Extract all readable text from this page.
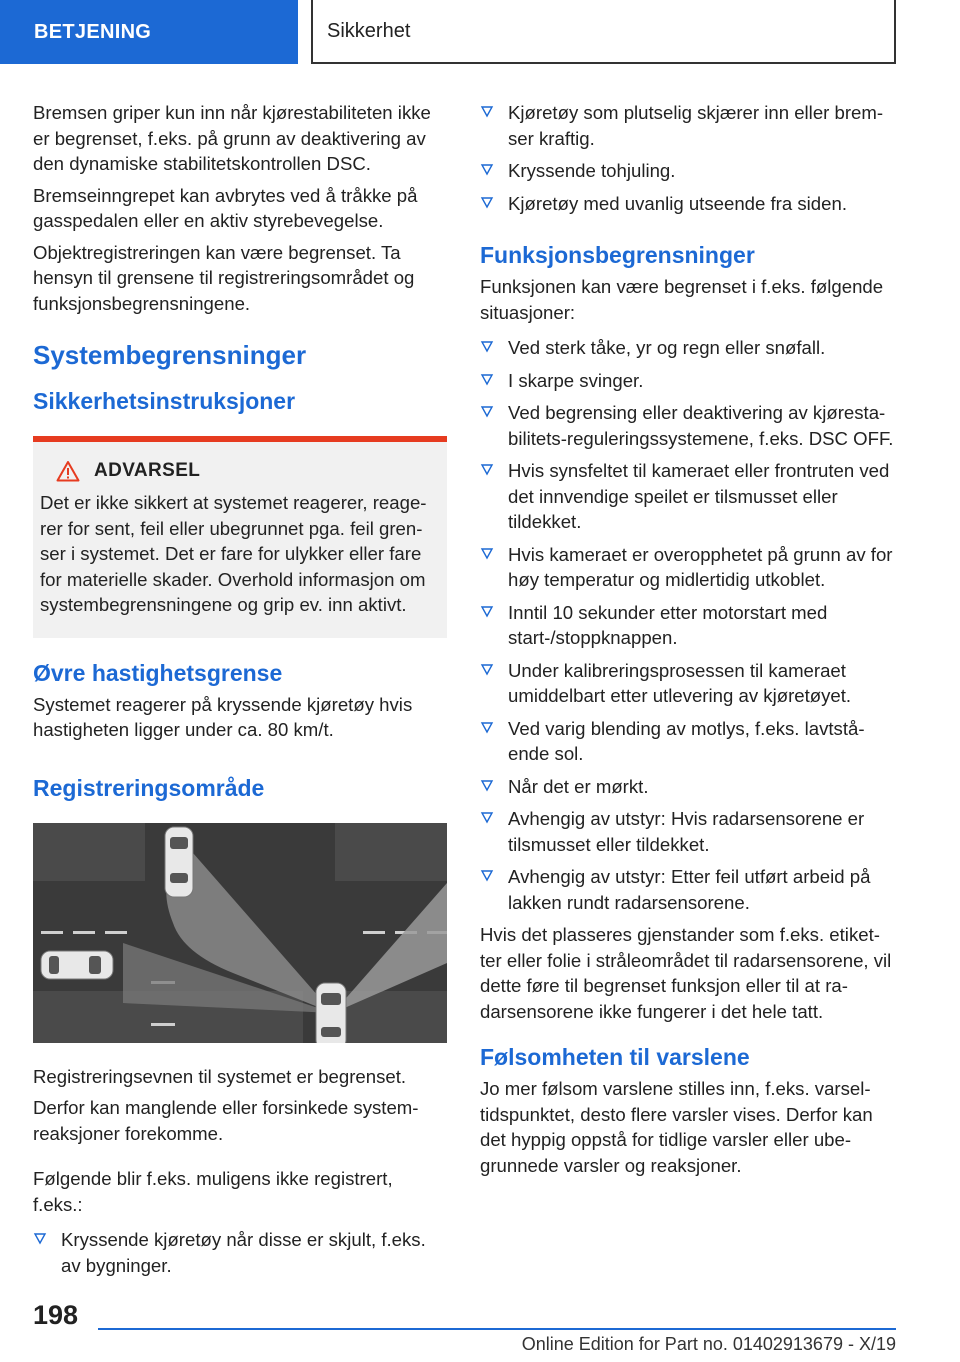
BETJENING	Sikkerhet

Bremsen griper kun inn når kjørestabiliteten ikke er begrenset, f.eks. på grunn av deaktivering av den dynamiske stabilitetskontrollen DSC.

Bremseinngrepet kan avbrytes ved å tråkke på gasspedalen eller en aktiv styrebevegelse.

Objektregistreringen kan være begrenset. Ta hensyn til grensene til registreringsområdet og funksjonsbegrensningene.

Systembegrensninger
Sikkerhetsinstruksjoner
ADVARSEL

Det er ikke sikkert at systemet reagerer, reage-rer for sent, feil eller ubegrunnet pga. feil gren-ser i systemet. Det er fare for ulykker eller fare for materielle skader. Overhold informasjon om systembegrensningene og grip ev. inn aktivt.

Øvre hastighetsgrense

Systemet reagerer på kryssende kjøretøy hvis hastigheten ligger under ca. 80 km/t.

Registreringsområde

Registreringsevnen til systemet er begrenset.

Derfor kan manglende eller forsinkede system-reaksjoner forekomme.

Følgende blir f.eks. muligens ikke registrert, f.eks.:

Kryssende kjøretøy når disse er skjult, f.eks. av bygninger.
Kjøretøy som plutselig skjærer inn eller brem-ser kraftig.
Kryssende tohjuling.
Kjøretøy med uvanlig utseende fra siden.
Funksjonsbegrensninger

Funksjonen kan være begrenset i f.eks. følgende situasjoner:

Ved sterk tåke, yr og regn eller snøfall.
I skarpe svinger.
Ved begrensing eller deaktivering av kjøresta-bilitets-reguleringssystemene, f.eks. DSC OFF.
Hvis synsfeltet til kameraet eller frontruten ved det innvendige speilet er tilsmusset eller tildekket.
Hvis kameraet er overopphetet på grunn av for høy temperatur og midlertidig utkoblet.
Inntil 10 sekunder etter motorstart med start-/stoppknappen.
Under kalibreringsprosessen til kameraet umiddelbart etter utlevering av kjøretøyet.
Ved varig blending av motlys, f.eks. lavtstå-ende sol.
Når det er mørkt.
Avhengig av utstyr: Hvis radarsensorene er tilsmusset eller tildekket.
Avhengig av utstyr: Etter feil utført arbeid på lakken rundt radarsensorene.

Hvis det plasseres gjenstander som f.eks. etiket-ter eller folie i stråleområdet til radarsensorene, vil dette føre til begrenset funksjon eller til at ra-darsensorene ikke fungerer i det hele tatt.

Følsomheten til varslene

Jo mer følsom varslene stilles inn, f.eks. varsel-tidspunktet, desto flere varsler vises. Derfor kan det hyppig oppstå for tidlige varsler eller ube-grunnede varsler og reaksjoner.

198
Online Edition for Part no. 01402913679 - X/19
